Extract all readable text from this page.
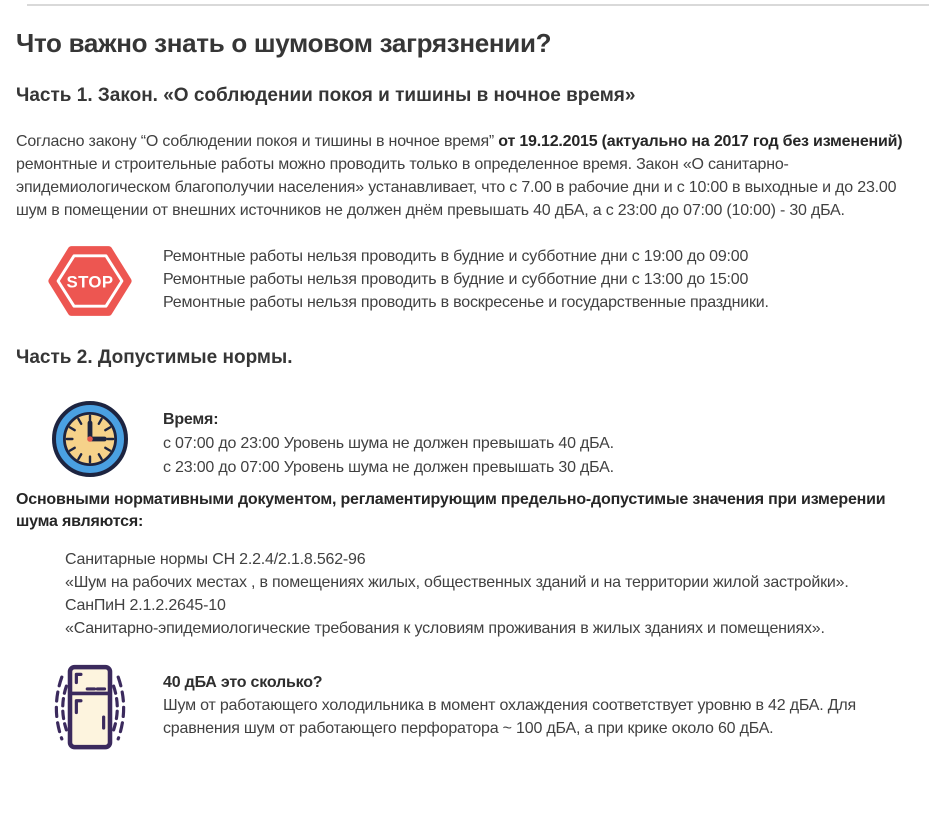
Что важно знать о шумовом загрязнении?
Часть 1. Закон. «О соблюдении покоя и тишины в ночное время»

Согласно закону “О соблюдении покоя и тишины в ночное время” от 19.12.2015 (актуально на 2017 год без изменений) ремонтные и строительные работы можно проводить только в определенное время. Закон «О санитарно-эпидемиологическом благополучии населения» устанавливает, что с 7.00 в рабочие дни и с 10:00 в выходные и до 23.00 шум в помещении от внешних источников не должен днём превышать 40 дБА, а с 23:00 до 07:00 (10:00) - 30 дБА.

STOP
Ремонтные работы нельзя проводить в будние и субботние дни с 19:00 до 09:00
Ремонтные работы нельзя проводить в будние и субботние дни с 13:00 до 15:00
Ремонтные работы нельзя проводить в воскресенье и государственные праздники.
Часть 2. Допустимые нормы.
Время:
с 07:00 до 23:00 Уровень шума не должен превышать 40 дБА.
с 23:00 до 07:00 Уровень шума не должен превышать 30 дБА.

Основными нормативными документом, регламентирующим предельно-допустимые значения при измерении шума являются:

Санитарные нормы СН 2.2.4/2.1.8.562-96
«Шум на рабочих местах , в помещениях жилых, общественных зданий и на территории жилой застройки».
СанПиН 2.1.2.2645-10
«Санитарно-эпидемиологические требования к условиям проживания в жилых зданиях и помещениях».
40 дБА это сколько?
Шум от работающего холодильника в момент охлаждения соответствует уровню в 42 дБА. Для сравнения шум от работающего перфоратора ~ 100 дБА, а при крике около 60 дБА.
